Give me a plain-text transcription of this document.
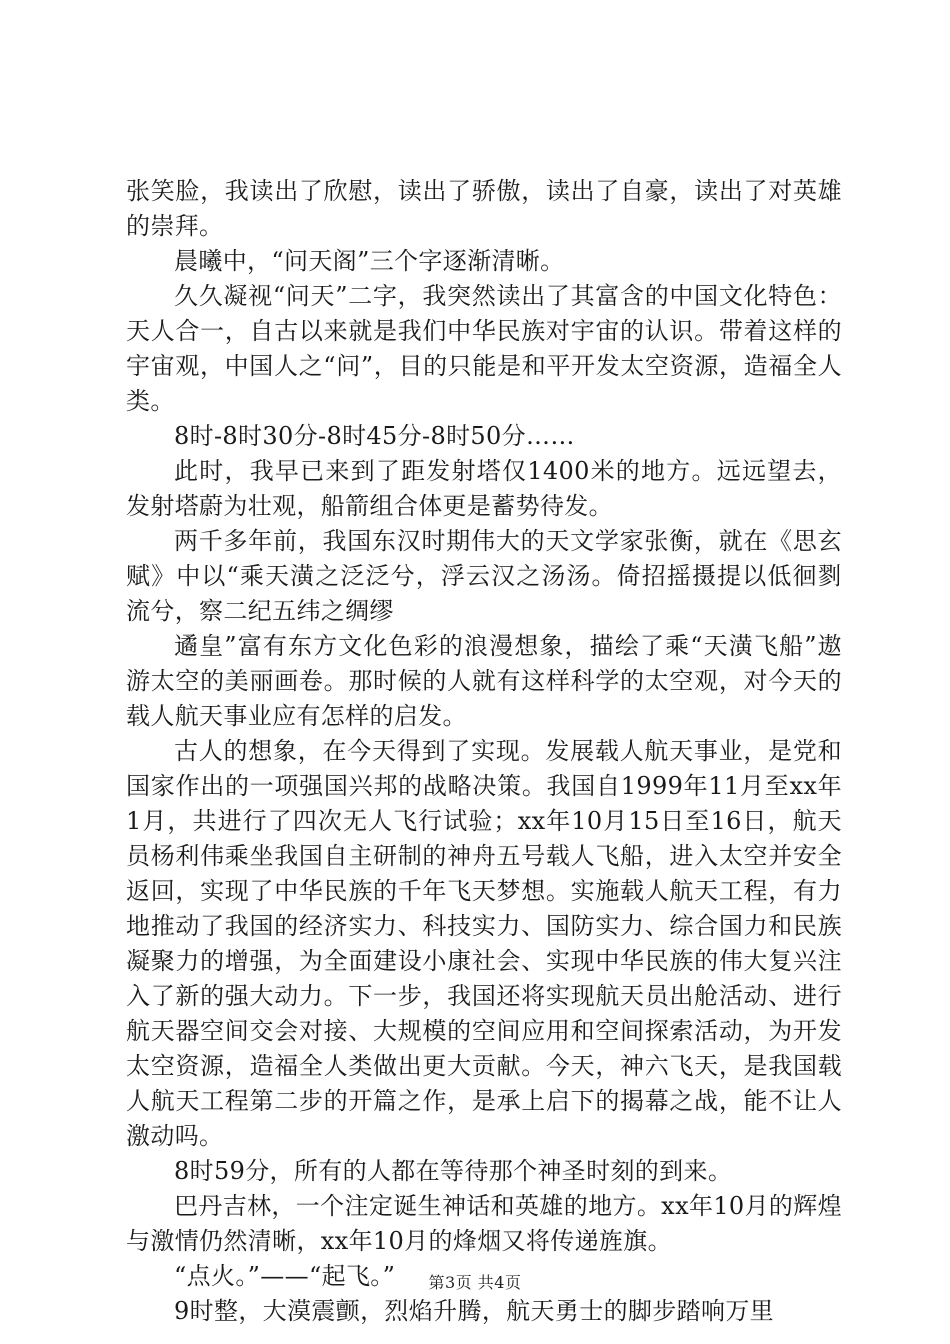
张笑脸，我读出了欣慰，读出了骄傲，读出了自豪，读出了对英雄的崇拜。

晨曦中，“问天阁”三个字逐渐清晰。

久久凝视“问天”二字，我突然读出了其富含的中国文化特色：天人合一，自古以来就是我们中华民族对宇宙的认识。带着这样的宇宙观，中国人之“问”，目的只能是和平开发太空资源，造福全人类。

8时-8时30分-8时45分-8时50分……

此时，我早已来到了距发射塔仅1400米的地方。远远望去，发射塔蔚为壮观，船箭组合体更是蓄势待发。

两千多年前，我国东汉时期伟大的天文学家张衡，就在《思玄赋》中以“乘天潢之泛泛兮，浮云汉之汤汤。倚招摇摄提以低徊剹流兮，察二纪五纬之绸缪

遹皇”富有东方文化色彩的浪漫想象，描绘了乘“天潢飞船”遨游太空的美丽画卷。那时候的人就有这样科学的太空观，对今天的载人航天事业应有怎样的启发。

古人的想象，在今天得到了实现。发展载人航天事业，是党和国家作出的一项强国兴邦的战略决策。我国自1999年11月至xx年1月，共进行了四次无人飞行试验；xx年10月15日至16日，航天员杨利伟乘坐我国自主研制的神舟五号载人飞船，进入太空并安全返回，实现了中华民族的千年飞天梦想。实施载人航天工程，有力地推动了我国的经济实力、科技实力、国防实力、综合国力和民族凝聚力的增强，为全面建设小康社会、实现中华民族的伟大复兴注入了新的强大动力。下一步，我国还将实现航天员出舱活动、进行航天器空间交会对接、大规模的空间应用和空间探索活动，为开发太空资源，造福全人类做出更大贡献。今天，神六飞天，是我国载人航天工程第二步的开篇之作，是承上启下的揭幕之战，能不让人激动吗。

8时59分，所有的人都在等待那个神圣时刻的到来。

巴丹吉林，一个注定诞生神话和英雄的地方。xx年10月的辉煌与激情仍然清晰，xx年10月的烽烟又将传递旌旗。

“点火。”——“起飞。”

9时整，大漠震颤，烈焰升腾，航天勇士的脚步踏响万里

第3页 共4页
